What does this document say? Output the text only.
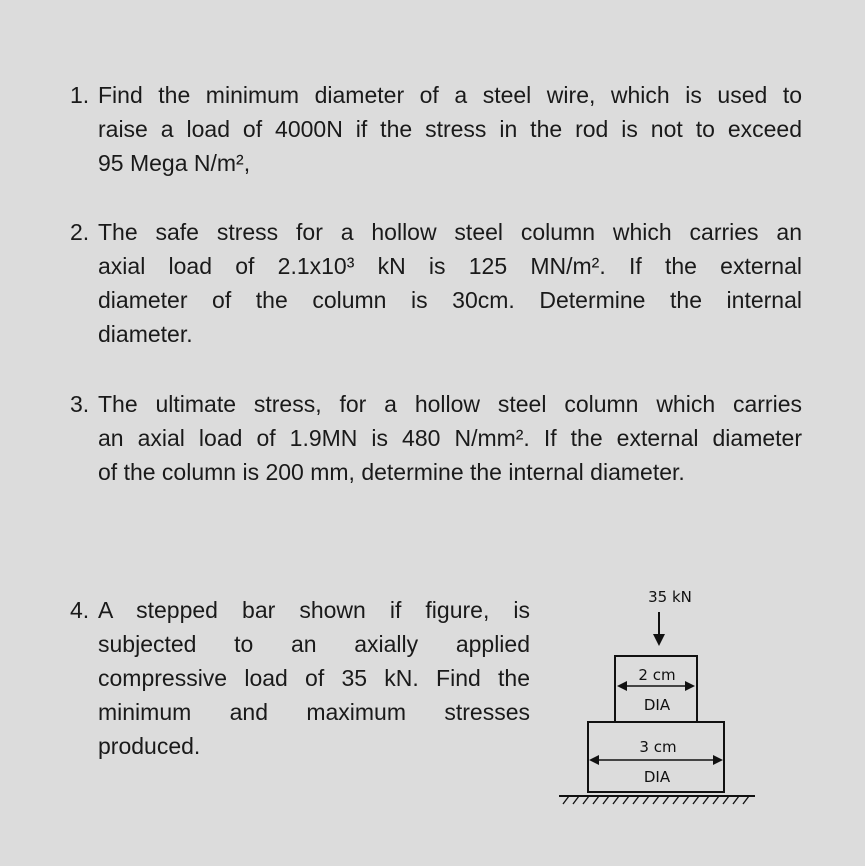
1. Find the minimum diameter of a steel wire, which is used to
raise a load of 4000N if the stress in the rod is not to exceed
95 Mega N/m²,
2. The safe stress for a hollow steel column which carries an
axial load of 2.1x10³ kN is 125 MN/m². If the external
diameter of the column is 30cm. Determine the internal
diameter.
3. The ultimate stress, for a hollow steel column which carries
an axial load of 1.9MN is 480 N/mm². If the external diameter
of the column is 200 mm, determine the internal diameter.
4. A stepped bar shown if figure, is
subjected to an axially applied
compressive load of 35 kN. Find the
minimum and maximum stresses
produced.
35 kN
2 cm
DIA
3 cm
DIA
